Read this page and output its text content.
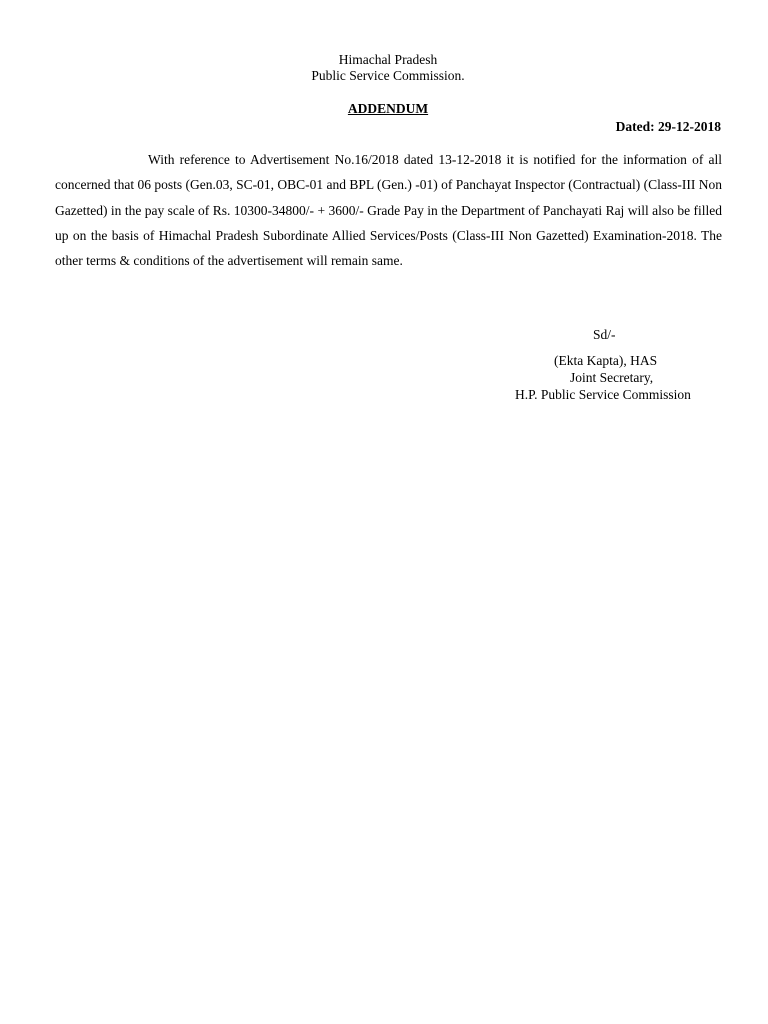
Himachal Pradesh
Public Service Commission.
ADDENDUM
Dated: 29-12-2018

With reference to Advertisement No.16/2018 dated 13-12-2018 it is notified for the information of all concerned that 06 posts (Gen.03, SC-01, OBC-01 and BPL (Gen.) -01) of Panchayat Inspector (Contractual) (Class-III Non Gazetted) in the pay scale of Rs. 10300-34800/- + 3600/- Grade Pay in the Department of Panchayati Raj will also be filled up on the basis of Himachal Pradesh Subordinate Allied Services/Posts (Class-III Non Gazetted) Examination-2018. The other terms & conditions of the advertisement will remain same.

Sd/-
(Ekta Kapta), HAS
Joint Secretary,
H.P. Public Service Commission
